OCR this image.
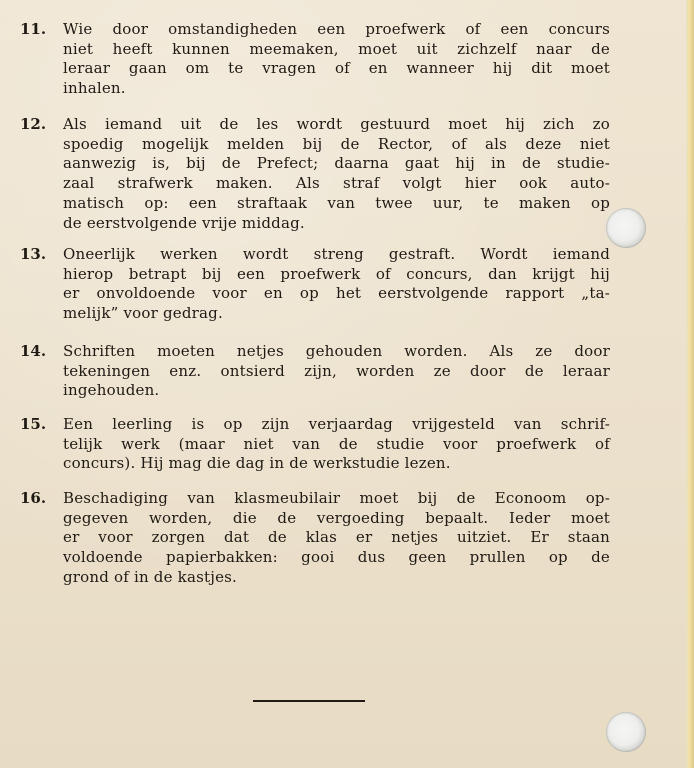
11.	Wie door omstandigheden een proefwerk of een concurs
niet heeft kunnen meemaken, moet uit zichzelf naar de
leraar gaan om te vragen of en wanneer hij dit moet
inhalen.
12.	Als iemand uit de les wordt gestuurd moet hij zich zo
spoedig mogelijk melden bij de Rector, of als deze niet
aanwezig is, bij de Prefect; daarna gaat hij in de studie-
zaal strafwerk maken. Als straf volgt hier ook auto-
matisch op: een straftaak van twee uur, te maken op
de eerstvolgende vrije middag.
13.	Oneerlijk werken wordt streng gestraft. Wordt iemand
hierop betrapt bij een proefwerk of concurs, dan krijgt hij
er onvoldoende voor en op het eerstvolgende rapport „ta-
melijk” voor gedrag.
14.	Schriften moeten netjes gehouden worden. Als ze door
tekeningen enz. ontsierd zijn, worden ze door de leraar
ingehouden.
15.	Een leerling is op zijn verjaardag vrijgesteld van schrif-
telijk werk (maar niet van de studie voor proefwerk of
concurs). Hij mag die dag in de werkstudie lezen.
16.	Beschadiging van klasmeubilair moet bij de Econoom op-
gegeven worden, die de vergoeding bepaalt. Ieder moet
er voor zorgen dat de klas er netjes uitziet. Er staan
voldoende papierbakken: gooi dus geen prullen op de
grond of in de kastjes.
